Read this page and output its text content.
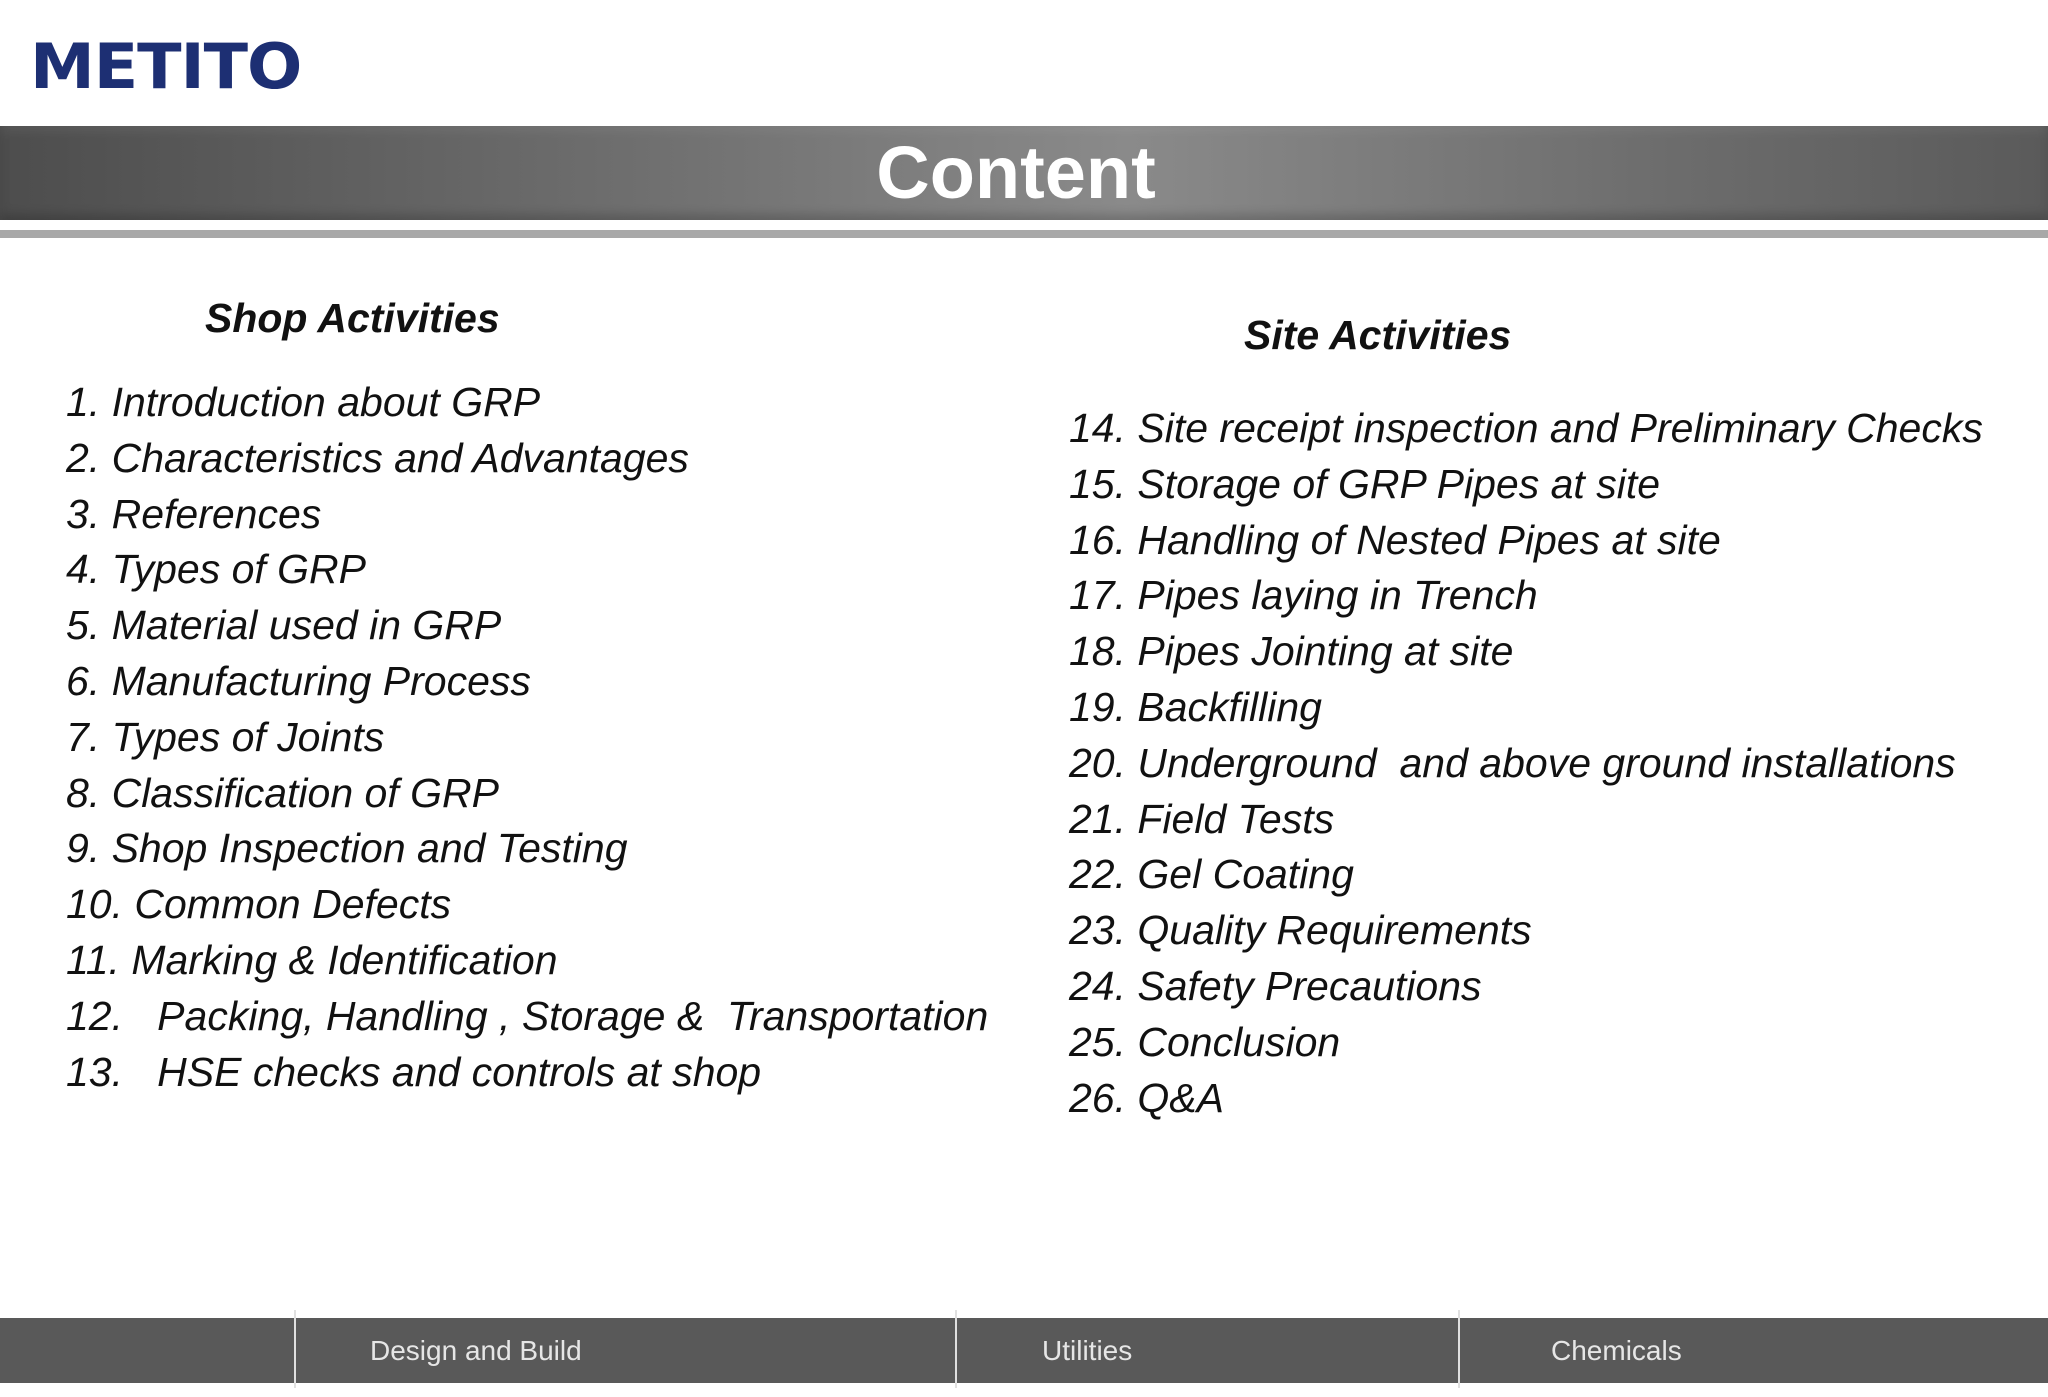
METITO
Content
Shop Activities
1. Introduction about GRP
2. Characteristics and Advantages
3. References
4. Types of GRP
5. Material used in GRP
6. Manufacturing Process
7. Types of Joints
8. Classification of GRP
9. Shop Inspection and Testing
10. Common Defects
11. Marking & Identification
12.   Packing, Handling , Storage &  Transportation
13.   HSE checks and controls at shop
Site Activities
14. Site receipt inspection and Preliminary Checks
15. Storage of GRP Pipes at site
16. Handling of Nested Pipes at site
17. Pipes laying in Trench
18. Pipes Jointing at site
19. Backfilling
20. Underground  and above ground installations
21. Field Tests
22. Gel Coating
23. Quality Requirements
24. Safety Precautions
25. Conclusion
26. Q&A
Design and Build	Utilities	Chemicals
